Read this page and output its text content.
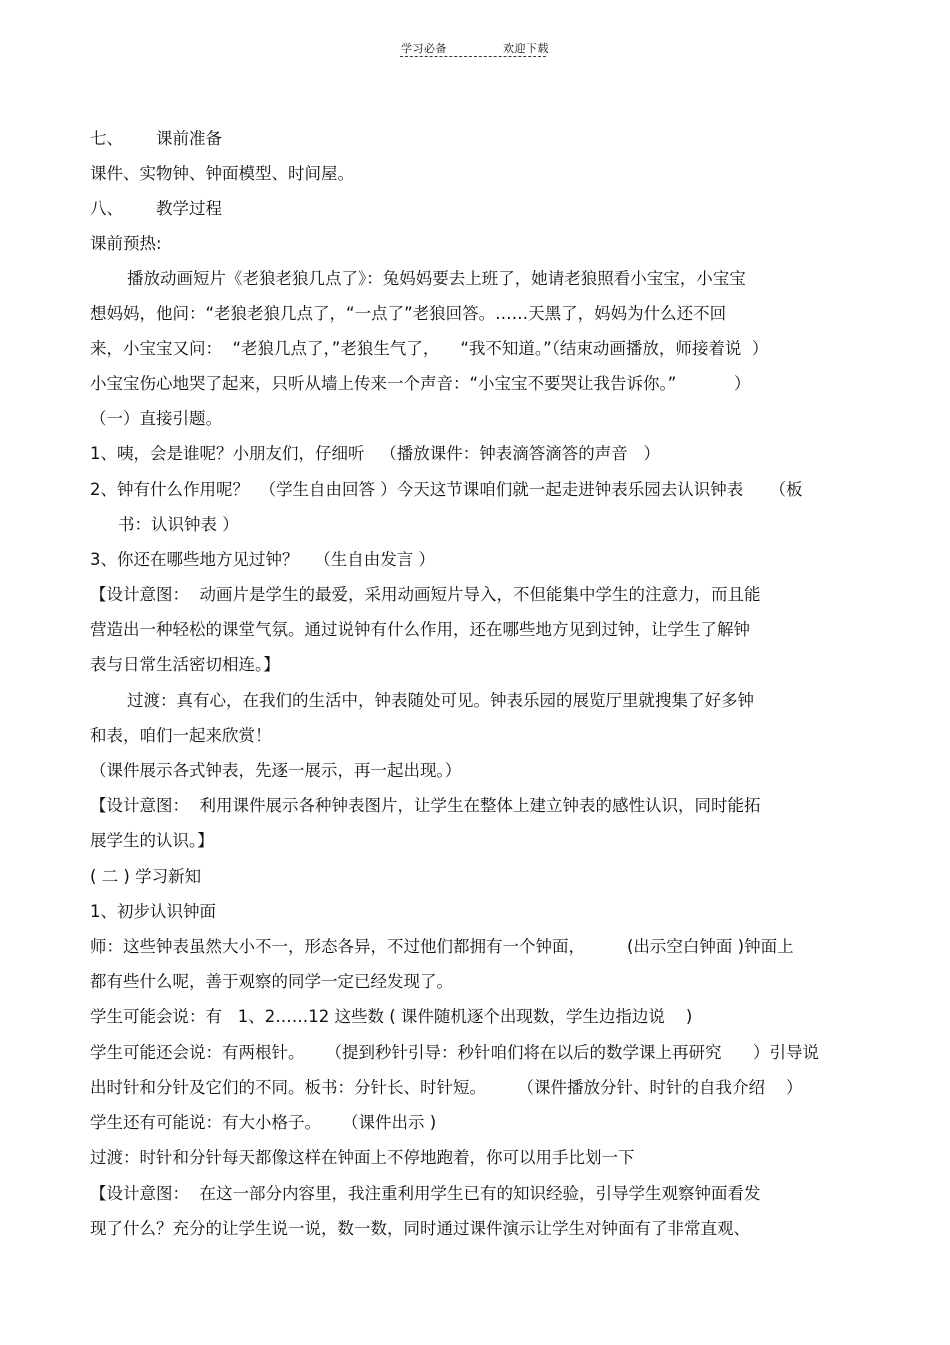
学习必备	欢迎下载
七、 课前准备
课件、实物钟、钟面模型、时间屋。
八、 教学过程
课前预热:
播放动画短片《老狼老狼几点了》：兔妈妈要去上班了，她请老狼照看小宝宝，小宝宝
想妈妈，他问：“老狼老狼几点了，“一点了”老狼回答。……天黑了，妈妈为什么还不回
来，小宝宝又问：  “老狼几点了，”老狼生气了，    “我不知道。”（结束动画播放，师接着说  ）
小宝宝伤心地哭了起来，只听从墙上传来一个声音：“小宝宝不要哭让我告诉你。”           ）
（一）直接引题。
1、咦，会是谁呢？小朋友们，仔细听   （播放课件：钟表滴答滴答的声音   ）
2、钟有什么作用呢？  （学生自由回答 ）今天这节课咱们就一起走进钟表乐园去认识钟表     （板
书：认识钟表 ）
3、你还在哪些地方见过钟？   （生自由发言 ）
【设计意图：  动画片是学生的最爱，采用动画短片导入，不但能集中学生的注意力，而且能
营造出一种轻松的课堂气氛。通过说钟有什么作用，还在哪些地方见到过钟，让学生了解钟
表与日常生活密切相连。】
过渡：真有心，在我们的生活中，钟表随处可见。钟表乐园的展览厅里就搜集了好多钟
和表，咱们一起来欣赏！
（课件展示各式钟表，先逐一展示，再一起出现。）
【设计意图：  利用课件展示各种钟表图片，让学生在整体上建立钟表的感性认识，同时能拓
展学生的认识。】
( 二 ) 学习新知
1、初步认识钟面
师：这些钟表虽然大小不一，形态各异，不过他们都拥有一个钟面，        (出示空白钟面 )钟面上
都有些什么呢，善于观察的同学一定已经发现了。
学生可能会说：有   1、2……12 这些数 ( 课件随机逐个出现数，学生边指边说    )
学生可能还会说：有两根针。    （提到秒针引导：秒针咱们将在以后的数学课上再研究      ）引导说
出时针和分针及它们的不同。板书：分针长、时针短。      （课件播放分针、时针的自我介绍    ）
学生还有可能说：有大小格子。    （课件出示 )
过渡：时针和分针每天都像这样在钟面上不停地跑着，你可以用手比划一下
【设计意图：  在这一部分内容里，我注重利用学生已有的知识经验，引导学生观察钟面看发
现了什么？充分的让学生说一说，数一数，同时通过课件演示让学生对钟面有了非常直观、
